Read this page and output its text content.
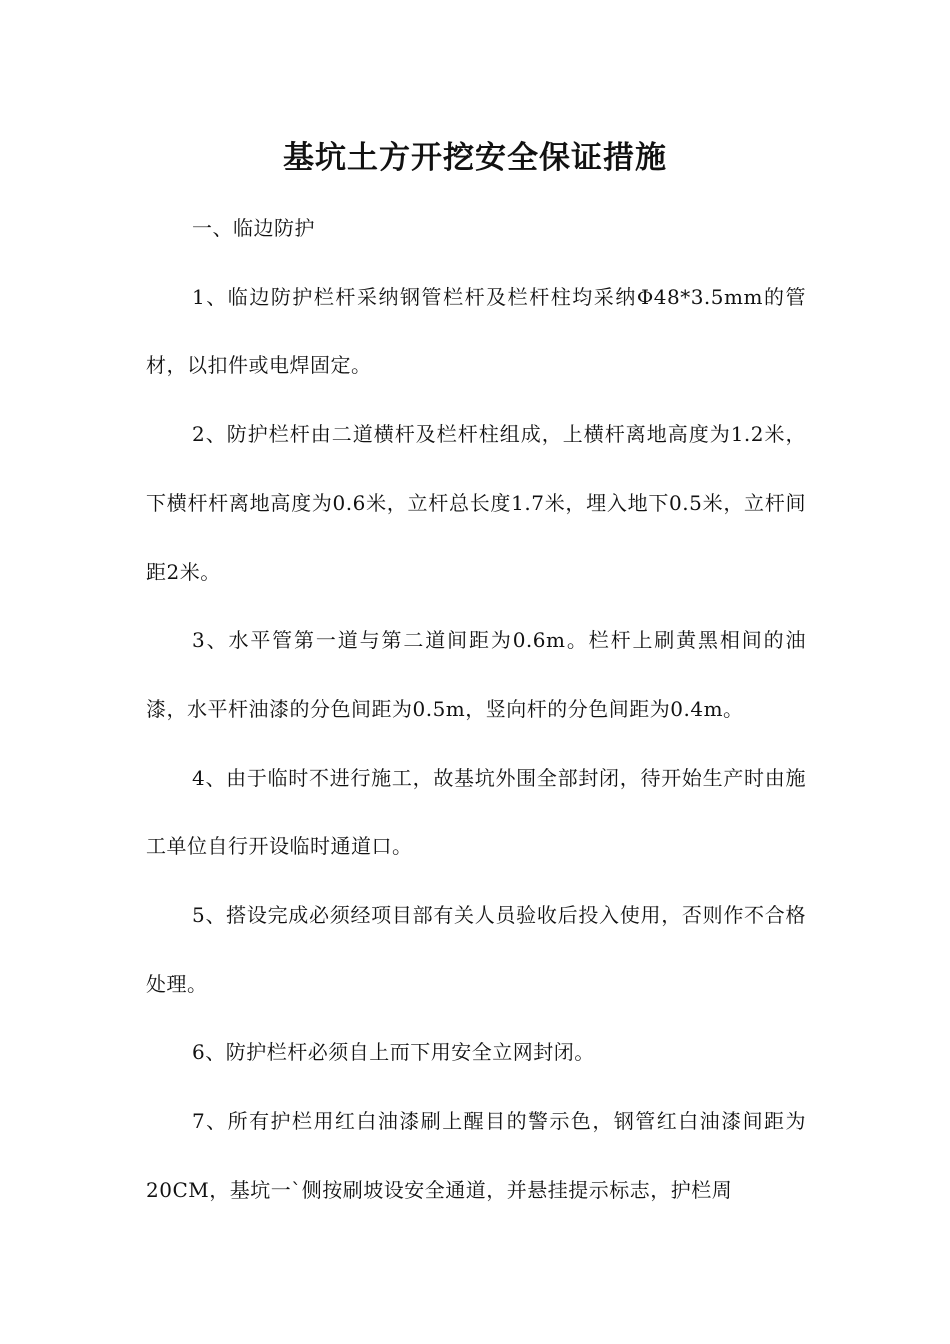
基坑土方开挖安全保证措施

一、临边防护

1、临边防护栏杆采纳钢管栏杆及栏杆柱均采纳Φ48*3.5mm的管材，以扣件或电焊固定。

2、防护栏杆由二道横杆及栏杆柱组成，上横杆离地高度为1.2米，下横杆杆离地高度为0.6米，立杆总长度1.7米，埋入地下0.5米，立杆间距2米。

3、水平管第一道与第二道间距为0.6m。栏杆上刷黄黑相间的油漆，水平杆油漆的分色间距为0.5m，竖向杆的分色间距为0.4m。

4、由于临时不进行施工，故基坑外围全部封闭，待开始生产时由施工单位自行开设临时通道口。

5、搭设完成必须经项目部有关人员验收后投入使用，否则作不合格处理。

6、防护栏杆必须自上而下用安全立网封闭。

7、所有护栏用红白油漆刷上醒目的警示色，钢管红白油漆间距为20CM，基坑一`侧按刷坡设安全通道，并悬挂提示标志，护栏周
